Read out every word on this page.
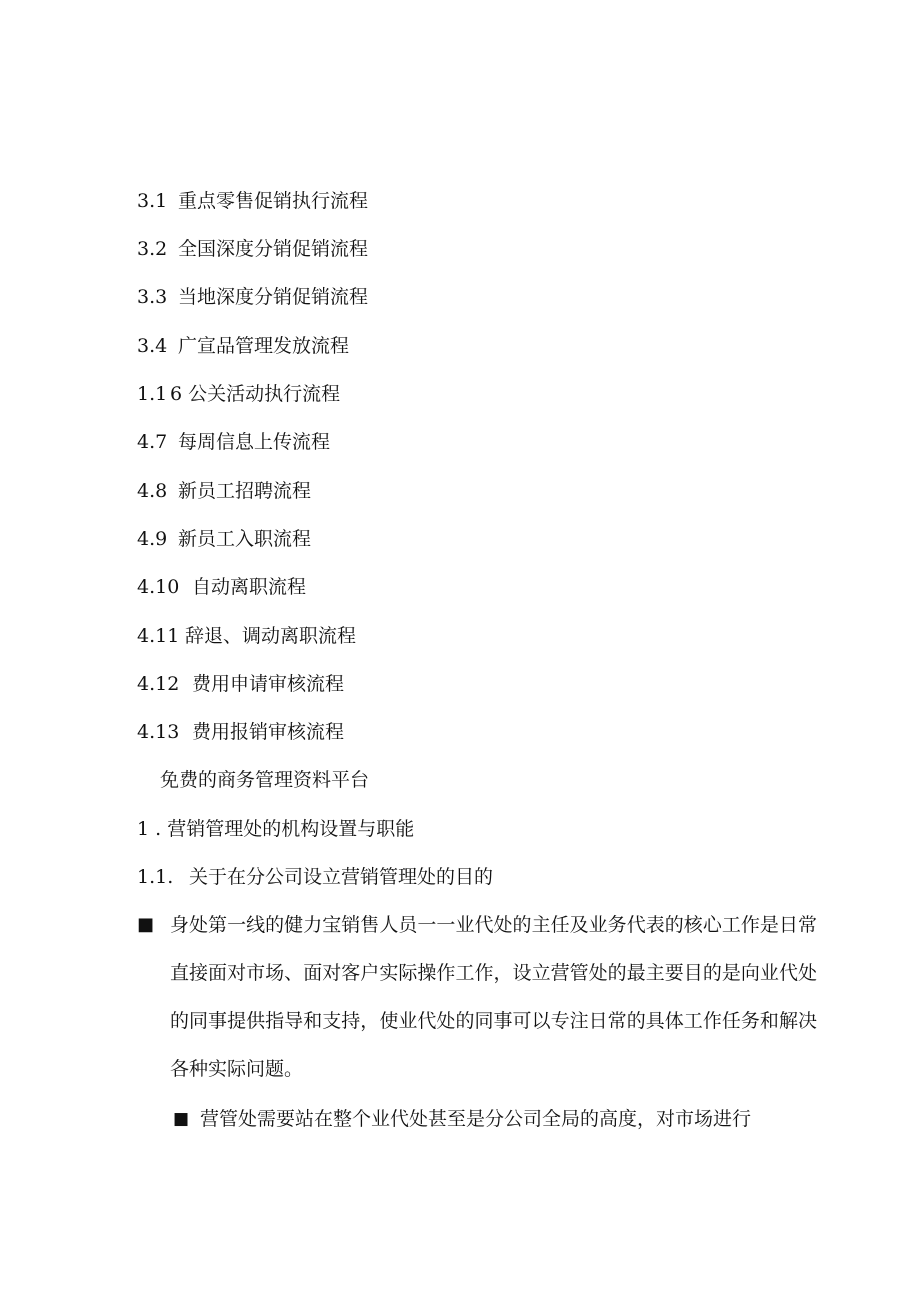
3.1 重点零售促销执行流程
3.2 全国深度分销促销流程
3.3 当地深度分销促销流程
3.4 广宣品管理发放流程
1.1 6 公关活动执行流程
4.7 每周信息上传流程
4.8 新员工招聘流程
4.9 新员工入职流程
4.10 自动离职流程
4.11 辞退、调动离职流程
4.12 费用申请审核流程
4.13 费用报销审核流程
免费的商务管理资料平台
1 . 营销管理处的机构设置与职能
1.1. 关于在分公司设立营销管理处的目的
■ 身处第一线的健力宝销售人员一一业代处的主任及业务代表的核心工作是日常直接面对市场、面对客户实际操作工作，设立营管处的最主要目的是向业代处的同事提供指导和支持，使业代处的同事可以专注日常的具体工作任务和解决各种实际问题。
■ 营管处需要站在整个业代处甚至是分公司全局的高度，对市场进行
